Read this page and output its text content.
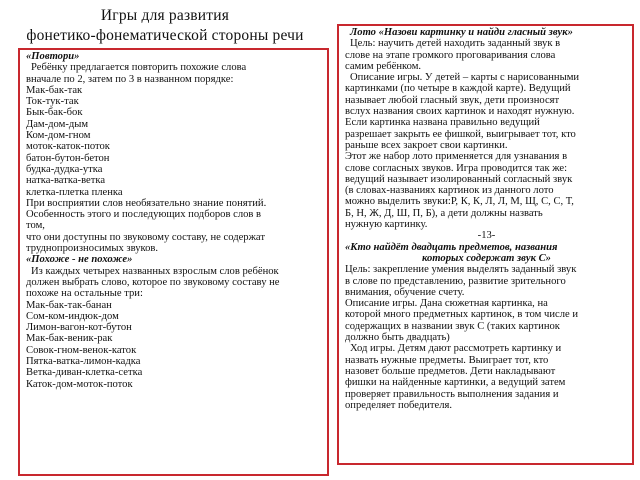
Игры для развития
фонетико-фонематической стороны речи

«Повтори»

Ребёнку предлагается повторить похожие слова

вначале по 2, затем по 3 в названном порядке:

Мак-бак-так

Ток-тук-так

Бык-бак-бок

Дам-дом-дым

Ком-дом-гном

моток-каток-поток

батон-бутон-бетон

будка-дудка-утка

натка-ватка-ветка

клетка-плетка пленка

При восприятии слов необязательно знание понятий.

Особенность этого и последующих подборов слов в

том,

что они доступны по звуковому составу, не содержат

труднопроизносимых звуков.

«Похоже - не похоже»

Из каждых четырех названных взрослым слов ребёнок

должен выбрать слово, которое по звуковому составу не

похоже на остальные три:

Мак-бак-так-банан

Сом-ком-индюк-дом

Лимон-вагон-кот-бутон

Мак-бак-веник-рак

Совок-гном-венок-каток

Пятка-ватка-лимон-кадка

Ветка-диван-клетка-сетка

Каток-дом-моток-поток

Лото «Назови картинку и найди гласный звук»

Цель: научить детей находить заданный звук в

слове на этапе громкого проговаривания слова

самим ребёнком.

Описание игры. У детей – карты с нарисованными

картинками (по четыре в каждой карте). Ведущий

называет любой гласный звук, дети произносят

вслух названия своих картинок и находят нужную.

Если картинка названа правильно ведущий

разрешает закрыть ее фишкой, выигрывает тот, кто

раньше всех закроет свои картинки.

Этот же набор лото применяется для узнавания в

слове согласных звуков. Игра проводится так же:

ведущий называет изолированный согласный звук

(в словах-названиях картинок из данного лото

можно выделить звуки:Р, К, К, Л, Л, М, Щ, С, С, Т,

Б, Н, Ж, Д, Ш, П, Б), а дети должны назвать

нужную картинку.

-13-

«Кто найдёт двадцать предметов, названия

которых содержат звук С»

Цель: закрепление умения выделять заданный звук

в слове по представлению, развитие зрительного

внимания, обучение счету.

Описание игры. Дана сюжетная картинка, на

которой много предметных картинок, в том числе и

содержащих в названии звук С (таких картинок

должно быть двадцать)

Ход игры. Детям дают рассмотреть картинку и

назвать нужные предметы. Выиграет тот, кто

назовет больше предметов. Дети накладывают

фишки на найденные картинки, а ведущий затем

проверяет правильность выполнения задания и

определяет победителя.
